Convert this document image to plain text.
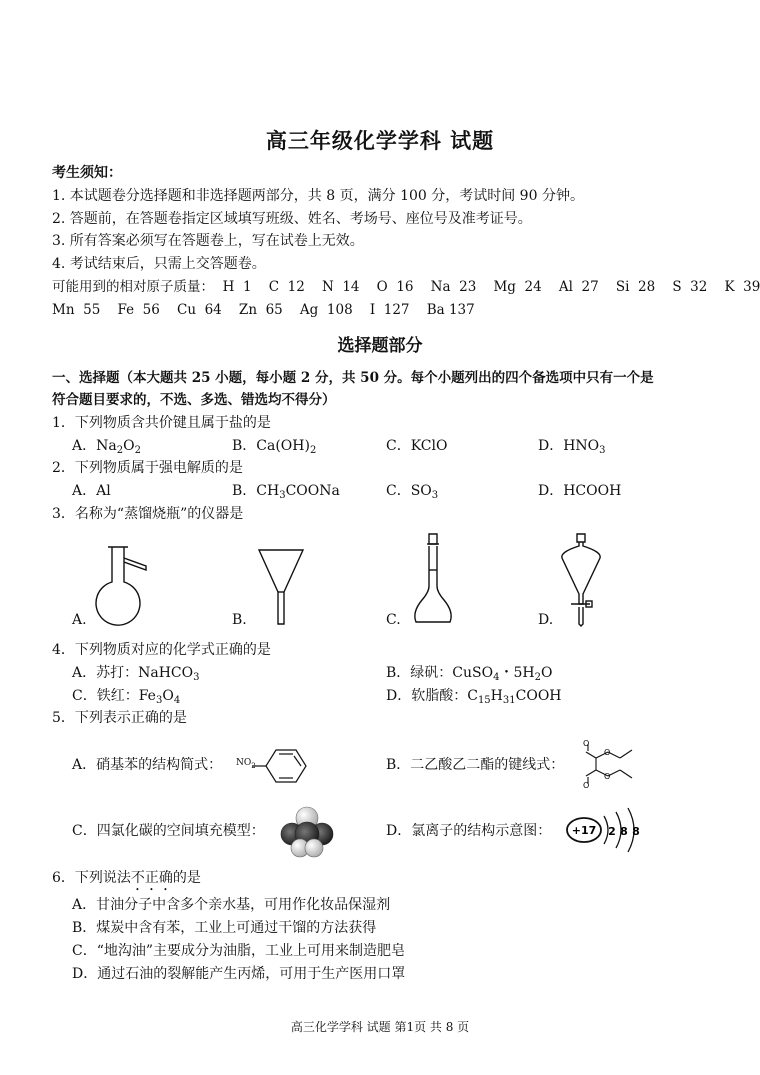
高三年级化学学科 试题
考生须知：
1. 本试题卷分选择题和非选择题两部分，共 8 页，满分 100 分，考试时间 90 分钟。
2. 答题前，在答题卷指定区域填写班级、姓名、考场号、座位号及准考证号。
3. 所有答案必须写在答题卷上，写在试卷上无效。
4. 考试结束后，只需上交答题卷。
可能用到的相对原子质量：  H  1    C  12    N  14    O  16    Na  23    Mg  24    Al  27    Si  28    S  32    K  39
Mn  55    Fe  56    Cu  64    Zn  65    Ag  108    I  127    Ba 137
选择题部分
一、选择题（本大题共 25 小题，每小题 2 分，共 50 分。每个小题列出的四个备选项中只有一个是
符合题目要求的，不选、多选、错选均不得分）
1．下列物质含共价键且属于盐的是
A．$Na_2O_2$	B．$Ca(OH)_2$	C．KClO	D．$HNO_3$
2．下列物质属于强电解质的是
A．Al	B．$CH_3COONa$	C．$SO_3$	D．HCOOH
3．名称为“蒸馏烧瓶”的仪器是
A.	B.	C.	D.
4．下列物质对应的化学式正确的是
A．苏打：NaHCO$_3$	B．绿矾：CuSO$_4$・$5H_2O$
C．铁红：$Fe_3O_4$	D．软脂酸：$C_{15}H_{31}COOH$
5．下列表示正确的是
A．硝基苯的结构简式： $NO_2$	B．二乙酸乙二酯的键线式：
O
O
O
O
C．四氯化碳的空间填充模型：	D．氯离子的结构示意图： +17 2 8 8
6．下列说法不正确的是
A．甘油分子中含多个亲水基，可用作化妆品保湿剂
B．煤炭中含有苯，工业上可通过干馏的方法获得
C．“地沟油”主要成分为油脂，工业上可用来制造肥皂
D．通过石油的裂解能产生丙烯，可用于生产医用口罩
高三化学学科 试题 第1页 共 8 页
